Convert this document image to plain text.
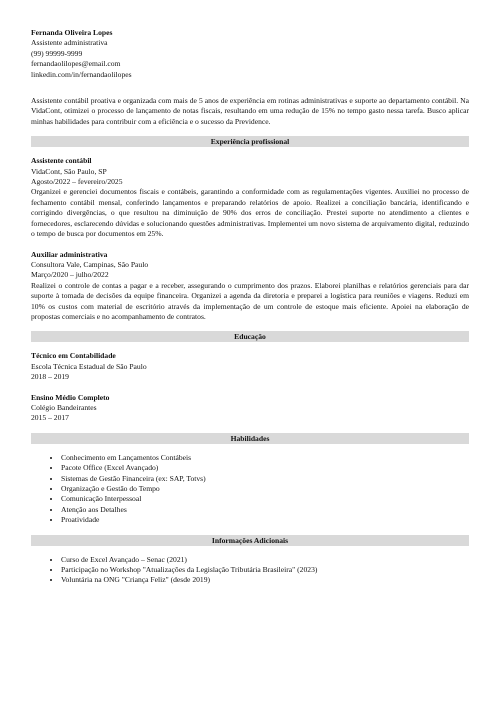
Fernanda Oliveira Lopes
Assistente administrativa
(99) 99999-9999
fernandaolilopes@email.com
linkedin.com/in/fernandaolilopes
Assistente contábil proativa e organizada com mais de 5 anos de experiência em rotinas administrativas e suporte ao departamento contábil. Na VidaCont, otimizei o processo de lançamento de notas fiscais, resultando em uma redução de 15% no tempo gasto nessa tarefa. Busco aplicar minhas habilidades para contribuir com a eficiência e o sucesso da Previdence.
Experiência profissional
Assistente contábil
VidaCont, São Paulo, SP
Agosto/2022 – fevereiro/2025
Organizei e gerenciei documentos fiscais e contábeis, garantindo a conformidade com as regulamentações vigentes. Auxiliei no processo de fechamento contábil mensal, conferindo lançamentos e preparando relatórios de apoio. Realizei a conciliação bancária, identificando e corrigindo divergências, o que resultou na diminuição de 90% dos erros de conciliação. Prestei suporte no atendimento a clientes e fornecedores, esclarecendo dúvidas e solucionando questões administrativas. Implementei um novo sistema de arquivamento digital, reduzindo o tempo de busca por documentos em 25%.
Auxiliar administrativa
Consultora Vale, Campinas, São Paulo
Março/2020 – julho/2022
Realizei o controle de contas a pagar e a receber, assegurando o cumprimento dos prazos. Elaborei planilhas e relatórios gerenciais para dar suporte à tomada de decisões da equipe financeira. Organizei a agenda da diretoria e preparei a logística para reuniões e viagens. Reduzi em 10% os custos com material de escritório através da implementação de um controle de estoque mais eficiente. Apoiei na elaboração de propostas comerciais e no acompanhamento de contratos.
Educação
Técnico em Contabilidade
Escola Técnica Estadual de São Paulo
2018 – 2019
Ensino Médio Completo
Colégio Bandeirantes
2015 – 2017
Habilidades
• Conhecimento em Lançamentos Contábeis
• Pacote Office (Excel Avançado)
• Sistemas de Gestão Financeira (ex: SAP, Totvs)
• Organização e Gestão do Tempo
• Comunicação Interpessoal
• Atenção aos Detalhes
• Proatividade
Informações Adicionais
• Curso de Excel Avançado – Senac (2021)
• Participação no Workshop "Atualizações da Legislação Tributária Brasileira" (2023)
• Voluntária na ONG "Criança Feliz" (desde 2019)
